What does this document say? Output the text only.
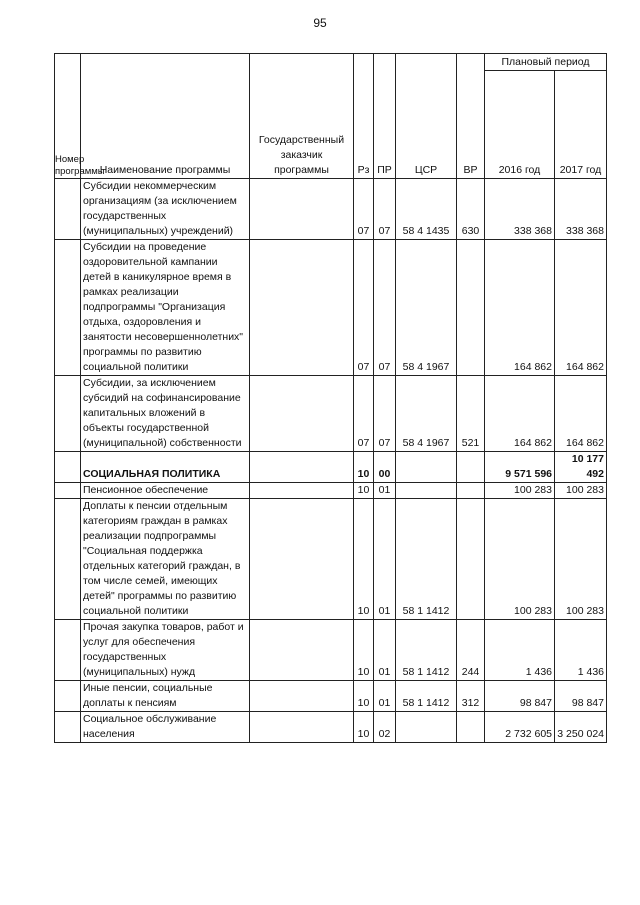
95
Номер программы	Наименование программы	Государственный заказчик программы	Рз	ПР	ЦСР	ВР	Плановый период	
							2016 год	2017 год
	Субсидии некоммерческим организациям (за исключением государственных (муниципальных) учреждений)		07	07	58 4 1435	630	338 368	338 368
	Субсидии на проведение оздоровительной кампании детей в каникулярное время в рамках реализации подпрограммы "Организация отдыха, оздоровления и занятости несовершеннолетних" программы по развитию социальной политики		07	07	58 4 1967		164 862	164 862
	Субсидии, за исключением субсидий на софинансирование капитальных вложений в объекты государственной (муниципальной) собственности		07	07	58 4 1967	521	164 862	164 862
	СОЦИАЛЬНАЯ ПОЛИТИКА		10	00			9 571 596	10 177 492
	Пенсионное обеспечение		10	01			100 283	100 283
	Доплаты к пенсии отдельным категориям граждан в рамках реализации подпрограммы "Социальная поддержка отдельных категорий граждан, в том числе семей, имеющих детей" программы по развитию социальной политики		10	01	58 1 1412		100 283	100 283
	Прочая закупка товаров, работ и услуг для обеспечения государственных (муниципальных) нужд		10	01	58 1 1412	244	1 436	1 436
	Иные пенсии, социальные доплаты к пенсиям		10	01	58 1 1412	312	98 847	98 847
	Социальное обслуживание населения		10	02			2 732 605	3 250 024
